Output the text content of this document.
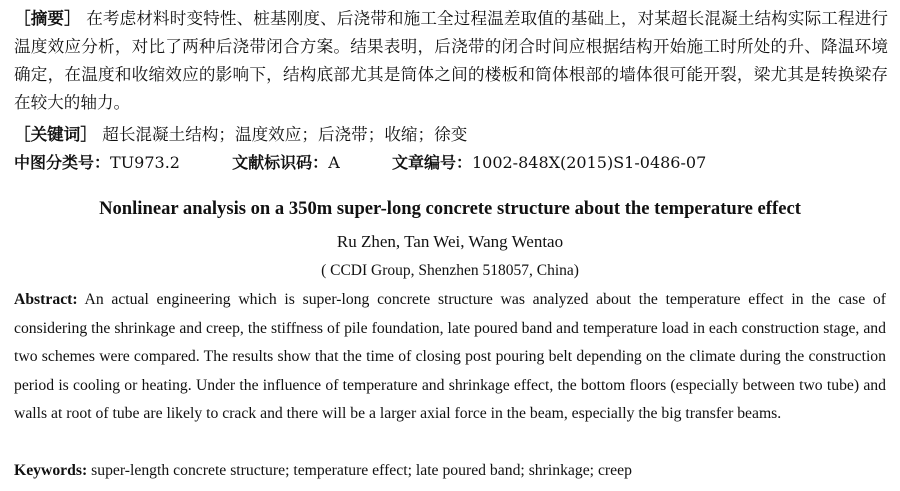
［摘要］ 在考虑材料时变特性、桩基刚度、后浇带和施工全过程温差取值的基础上，对某超长混凝土结构实际工程进行温度效应分析，对比了两种后浇带闭合方案。结果表明，后浇带的闭合时间应根据结构开始施工时所处的升、降温环境确定，在温度和收缩效应的影响下，结构底部尤其是筒体之间的楼板和筒体根部的墙体很可能开裂，梁尤其是转换梁存在较大的轴力。
［关键词］ 超长混凝土结构；温度效应；后浇带；收缩；徐变
中图分类号：TU973.2	文献标识码：A	文章编号：1002-848X(2015)S1-0486-07
Nonlinear analysis on a 350m super-long concrete structure about the temperature effect
Ru Zhen, Tan Wei, Wang Wentao
( CCDI Group, Shenzhen 518057, China)
Abstract: An actual engineering which is super-long concrete structure was analyzed about the temperature effect in the case of considering the shrinkage and creep, the stiffness of pile foundation, late poured band and temperature load in each construction stage, and two schemes were compared. The results show that the time of closing post pouring belt depending on the climate during the construction period is cooling or heating. Under the influence of temperature and shrinkage effect, the bottom floors (especially between two tube) and walls at root of tube are likely to crack and there will be a larger axial force in the beam, especially the big transfer beams.
Keywords: super-length concrete structure; temperature effect; late poured band; shrinkage; creep
